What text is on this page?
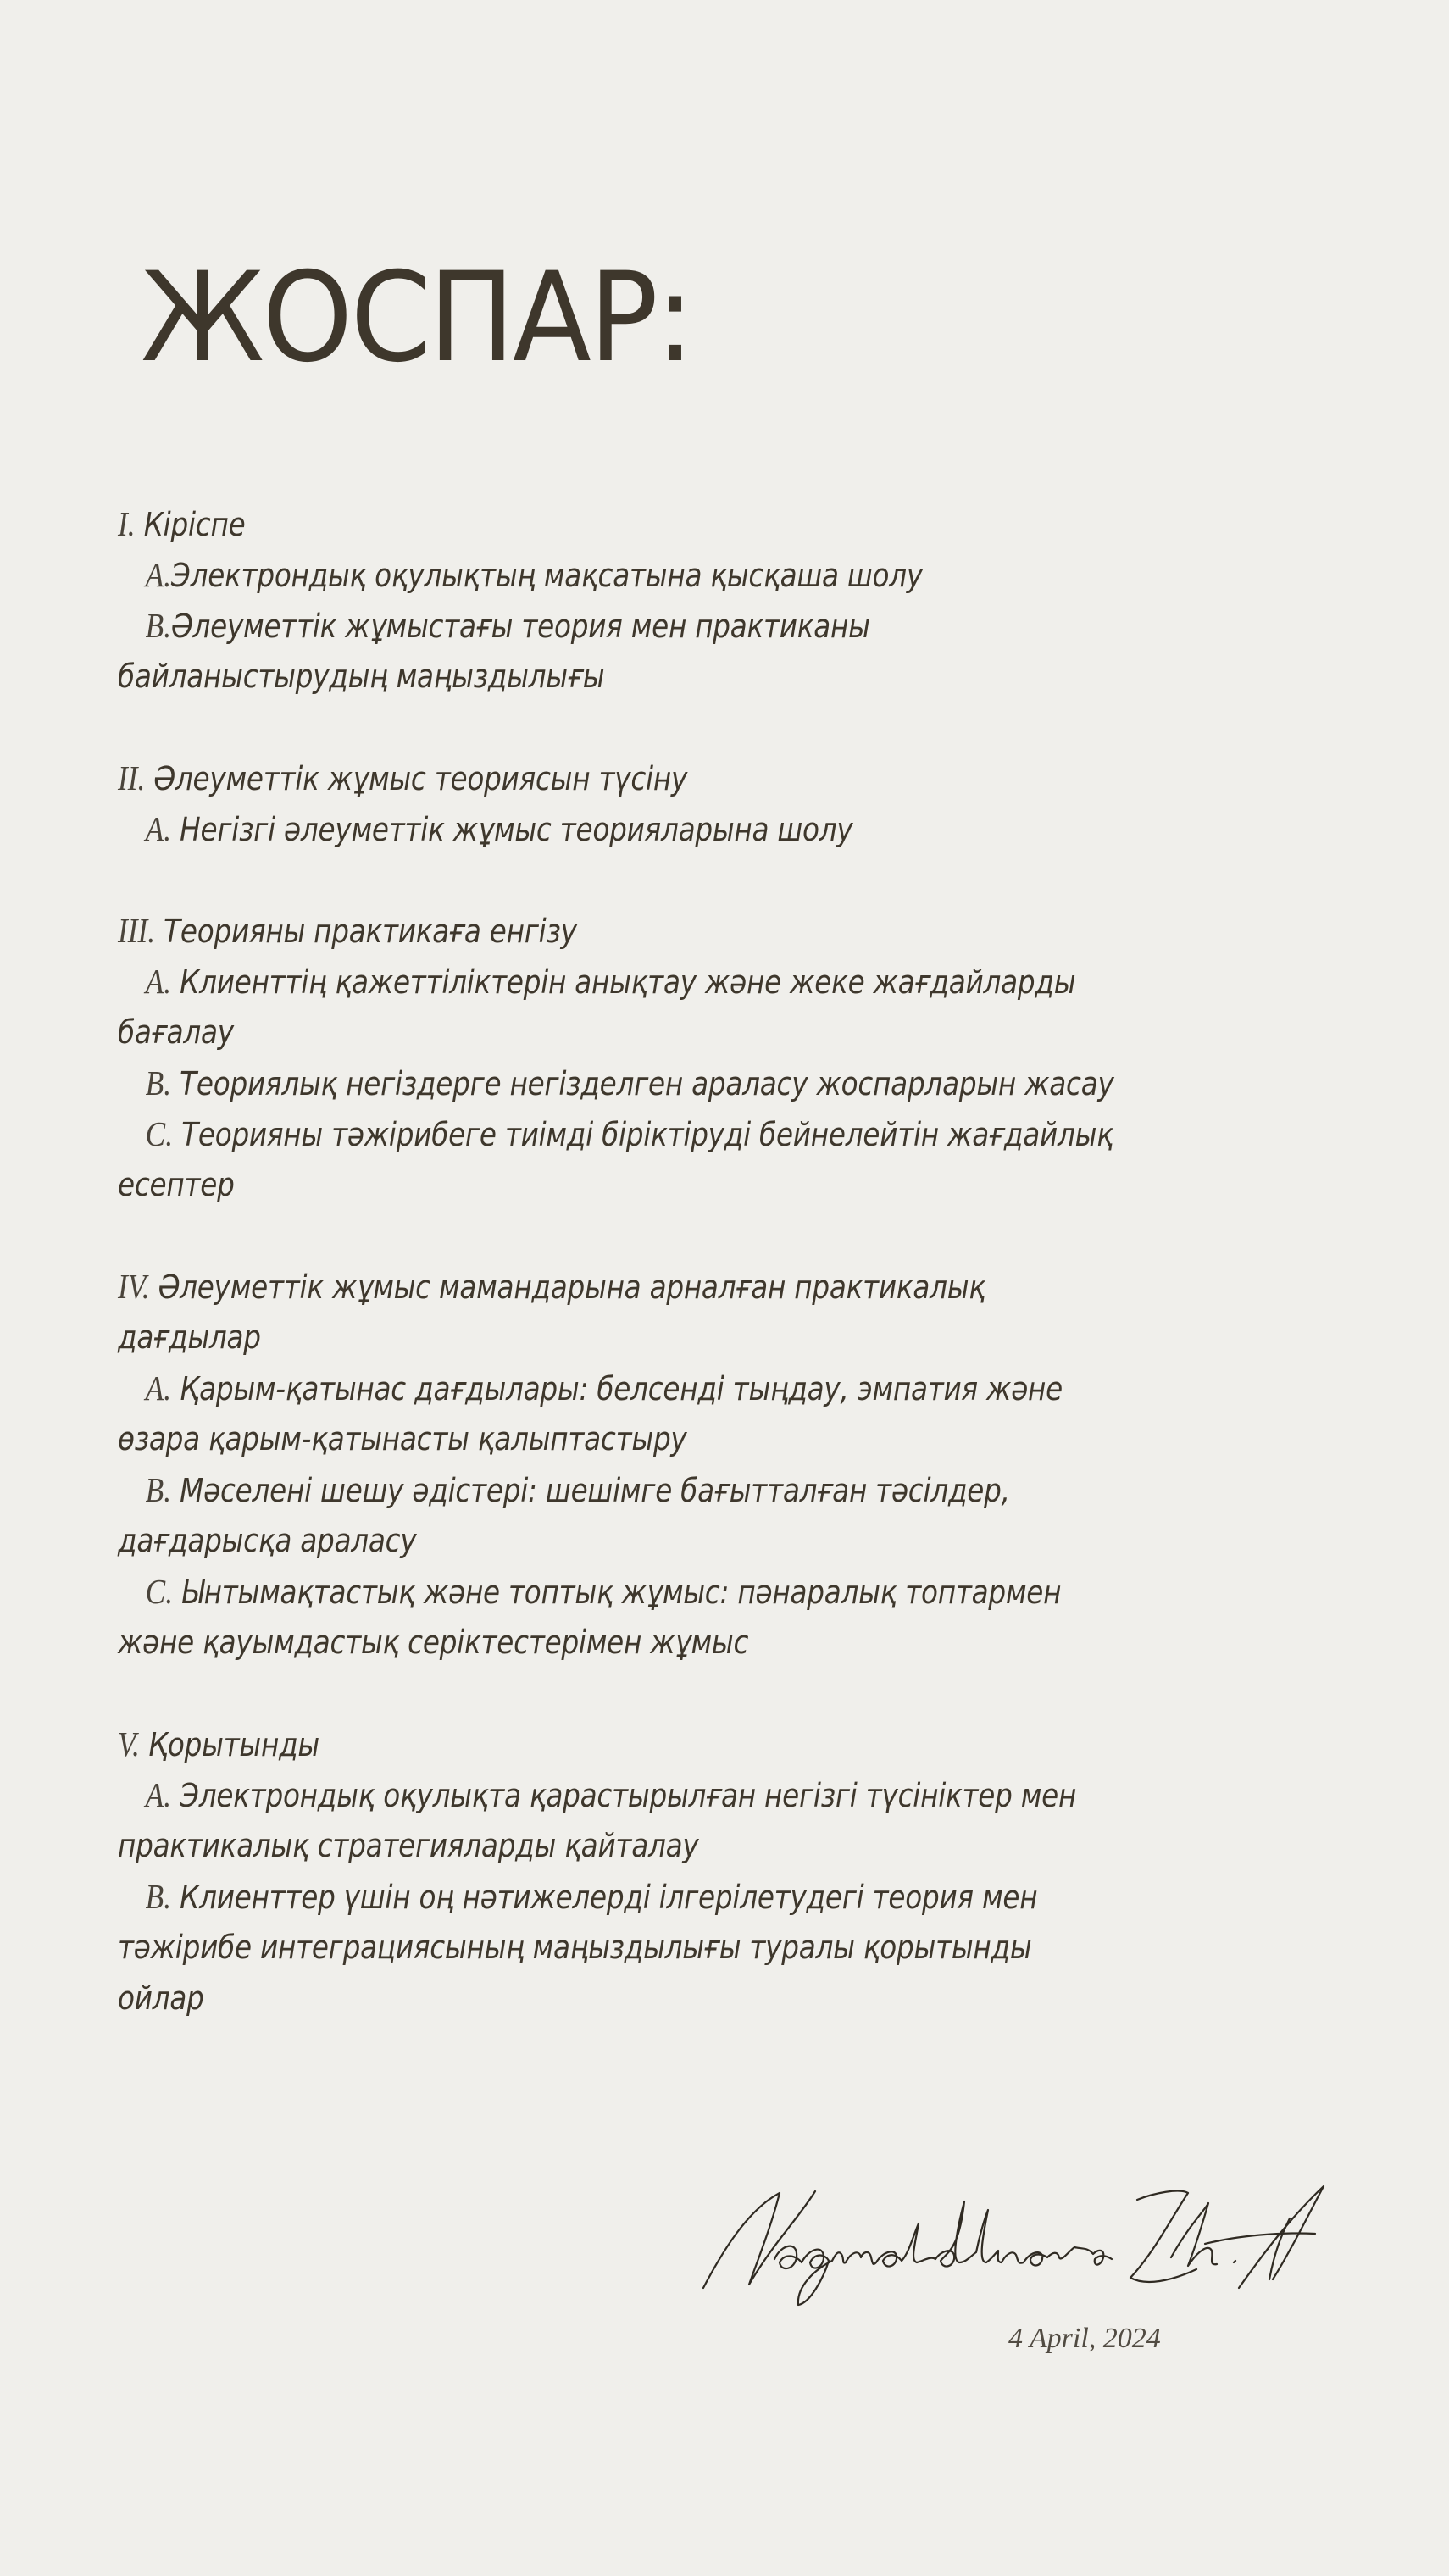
ЖОСПАР:
I. Кіріспе
A.Электрондық оқулықтың мақсатына қысқаша шолу
B.Әлеуметтік жұмыстағы теория мен практиканы
байланыстырудың маңыздылығы
II. Әлеуметтік жұмыс теориясын түсіну
A. Негізгі әлеуметтік жұмыс теорияларына шолу
III. Теорияны практикаға енгізу
A. Клиенттің қажеттіліктерін анықтау және жеке жағдайларды
бағалау
B. Теориялық негіздерге негізделген араласу жоспарларын жасау
C. Теорияны тәжірибеге тиімді біріктіруді бейнелейтін жағдайлық
есептер
IV. Әлеуметтік жұмыс мамандарына арналған практикалық
дағдылар
A. Қарым-қатынас дағдылары: белсенді тыңдау, эмпатия және
өзара қарым-қатынасты қалыптастыру
B. Мәселені шешу әдістері: шешімге бағытталған тәсілдер,
дағдарысқа араласу
C. Ынтымақтастық және топтық жұмыс: пәнаралық топтармен
және қауымдастық серіктестерімен жұмыс
V. Қорытынды
A. Электрондық оқулықта қарастырылған негізгі түсініктер мен
практикалық стратегияларды қайталау
B. Клиенттер үшін оң нәтижелерді ілгерілетудегі теория мен
тәжірибе интеграциясының маңыздылығы туралы қорытынды
ойлар
4 April, 2024
